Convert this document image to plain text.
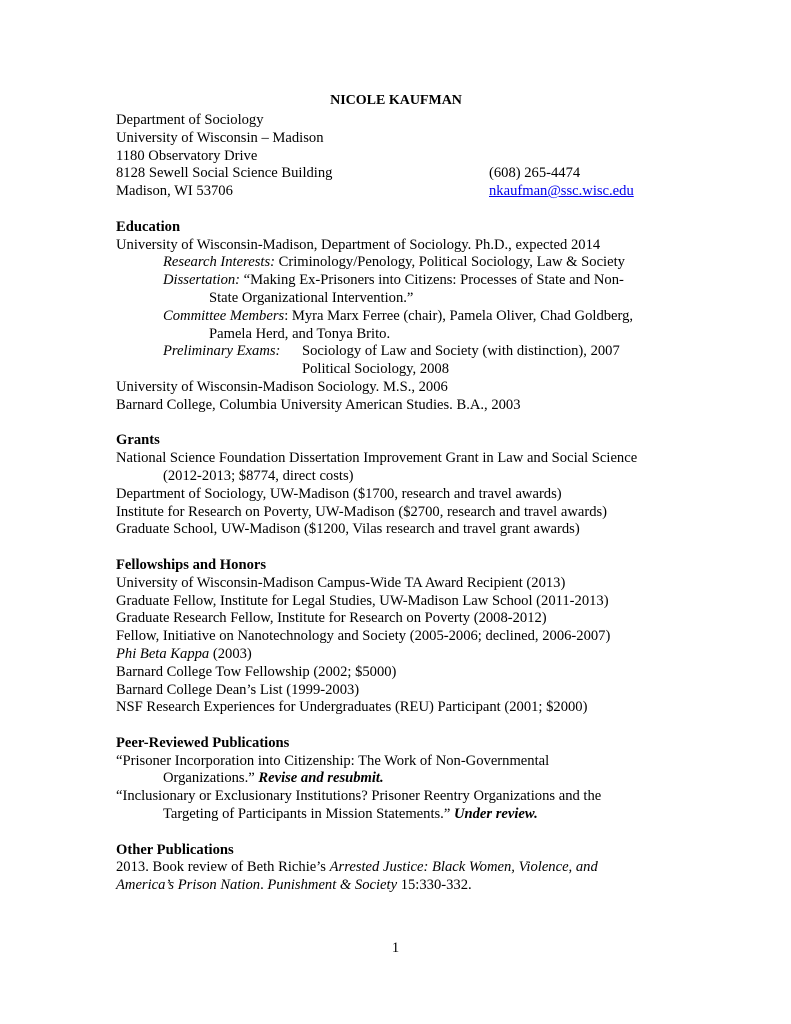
NICOLE KAUFMAN
Department of Sociology
University of Wisconsin – Madison
1180 Observatory Drive
8128 Sewell Social Science Building	(608) 265-4474
Madison, WI 53706	nkaufman@ssc.wisc.edu
Education
University of Wisconsin-Madison, Department of Sociology. Ph.D., expected 2014
Research Interests: Criminology/Penology, Political Sociology, Law & Society
Dissertation: “Making Ex-Prisoners into Citizens: Processes of State and Non-
State Organizational Intervention.”
Committee Members: Myra Marx Ferree (chair), Pamela Oliver, Chad Goldberg,
Pamela Herd, and Tonya Brito.
Preliminary Exams: Sociology of Law and Society (with distinction), 2007
Political Sociology, 2008
University of Wisconsin-Madison Sociology. M.S., 2006
Barnard College, Columbia University American Studies. B.A., 2003
Grants
National Science Foundation Dissertation Improvement Grant in Law and Social Science
(2012-2013; $8774, direct costs)
Department of Sociology, UW-Madison ($1700, research and travel awards)
Institute for Research on Poverty, UW-Madison ($2700, research and travel awards)
Graduate School, UW-Madison ($1200, Vilas research and travel grant awards)
Fellowships and Honors
University of Wisconsin-Madison Campus-Wide TA Award Recipient (2013)
Graduate Fellow, Institute for Legal Studies, UW-Madison Law School (2011-2013)
Graduate Research Fellow, Institute for Research on Poverty (2008-2012)
Fellow, Initiative on Nanotechnology and Society (2005-2006; declined, 2006-2007)
Phi Beta Kappa (2003)
Barnard College Tow Fellowship (2002; $5000)
Barnard College Dean’s List (1999-2003)
NSF Research Experiences for Undergraduates (REU) Participant (2001; $2000)
Peer-Reviewed Publications
“Prisoner Incorporation into Citizenship: The Work of Non-Governmental
Organizations.” Revise and resubmit.
“Inclusionary or Exclusionary Institutions? Prisoner Reentry Organizations and the
Targeting of Participants in Mission Statements.” Under review.
Other Publications
2013. Book review of Beth Richie’s Arrested Justice: Black Women, Violence, and
America’s Prison Nation. Punishment & Society 15:330-332.
1
